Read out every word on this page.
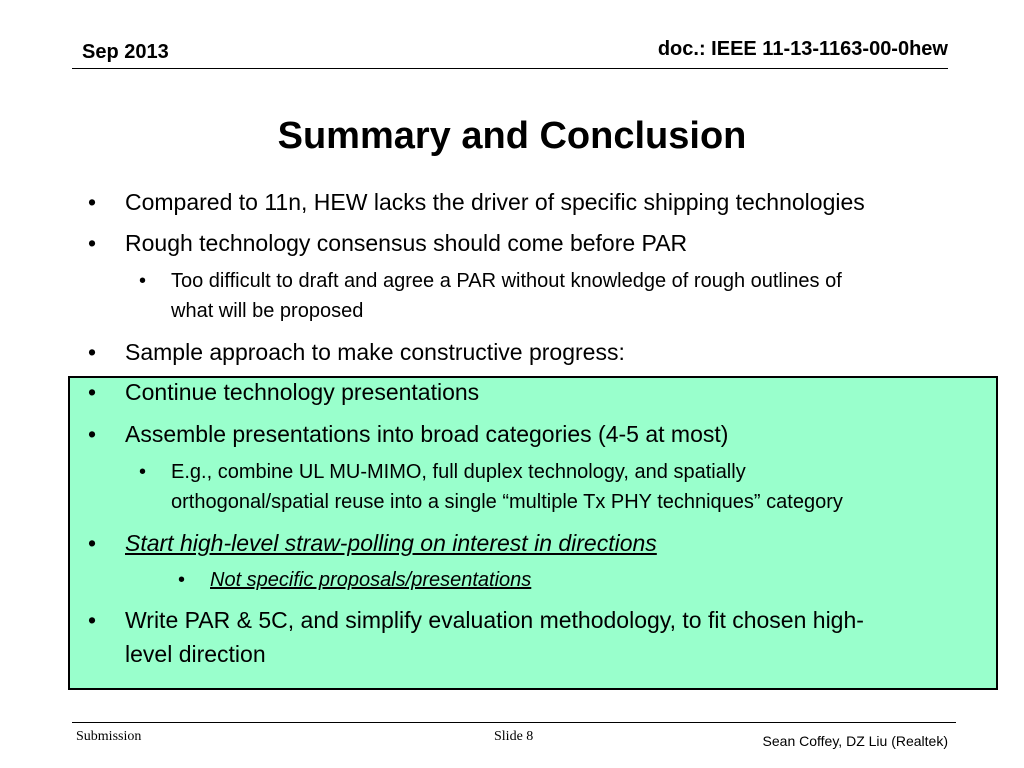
Sep 2013	doc.: IEEE 11-13-1163-00-0hew
Summary and Conclusion
• Compared to 11n, HEW lacks the driver of specific shipping technologies
• Rough technology consensus should come before PAR
• Too difficult to draft and agree a PAR without knowledge of rough outlines of
what will be proposed
• Sample approach to make constructive progress:
• Continue technology presentations
• Assemble presentations into broad categories (4-5 at most)
• E.g., combine UL MU-MIMO, full duplex technology, and spatially
orthogonal/spatial reuse into a single “multiple Tx PHY techniques” category
• Start high-level straw-polling on interest in directions
• Not specific proposals/presentations
• Write PAR & 5C, and simplify evaluation methodology, to fit chosen high-
level direction
Submission	Slide 8	Sean Coffey, DZ Liu (Realtek)
